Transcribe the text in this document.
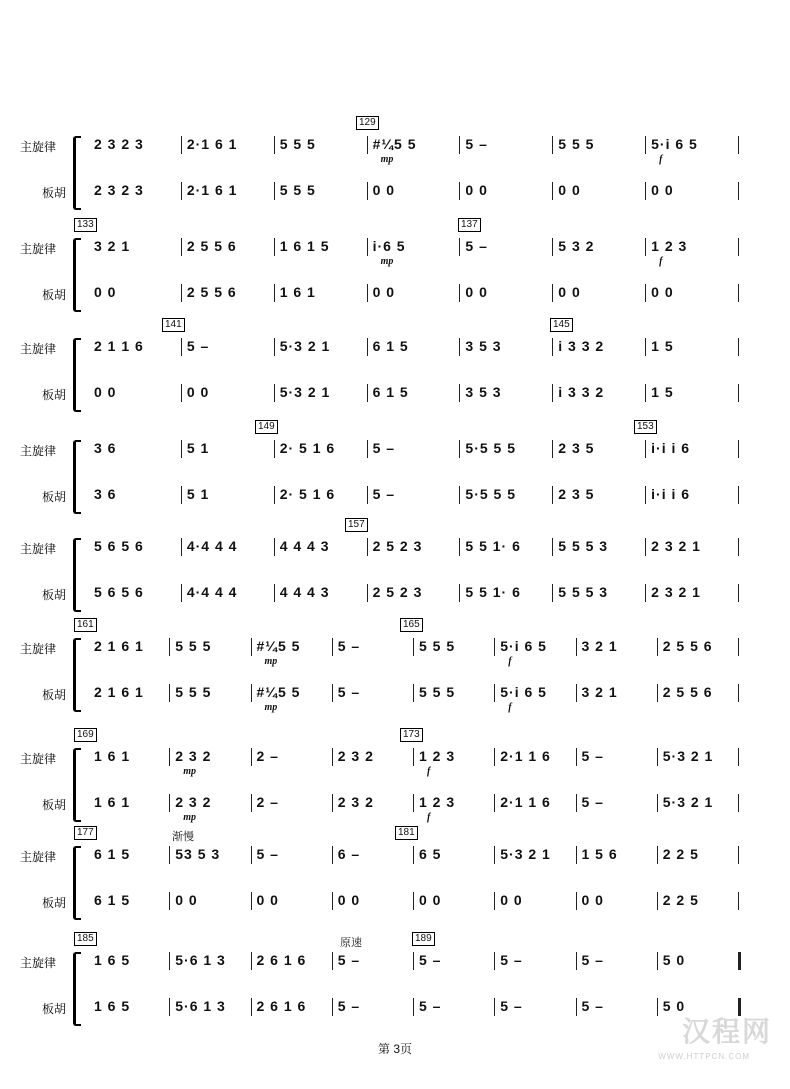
129
主旋律	2 3 2 3	2·1 6 1	5 5 5	#¼5 5	5 –	5 5 5	5·i 6 5
板胡 2 3 2 3	2·1 6 1	5 5 5	0 0	0 0	0 0	0 0
mp	f
133	137
主旋律	3 2 1	2 5 5 6	1 6 1 5	i·6 5	5 –	5 3 2	1 2 3
板胡 0 0	2 5 5 6	1 6 1	0 0	0 0	0 0	0 0
mp	f
141	145
主旋律	2 1 1 6	5 –	5·3 2 1	6 1 5	3 5 3	i 3 3 2	1 5
板胡 0 0	0 0	5·3 2 1	6 1 5	3 5 3	i 3 3 2	1 5
149	153
主旋律	3 6	5 1	2· 5 1 6	5 –	5·5 5 5	2 3 5	i·i i 6
板胡 3 6	5 1	2· 5 1 6	5 –	5·5 5 5	2 3 5	i·i i 6
157
主旋律	5 6 5 6	4·4 4 4	4 4 4 3	2 5 2 3	5 5 1· 6	5 5 5 3	2 3 2 1
板胡 5 6 5 6	4·4 4 4	4 4 4 3	2 5 2 3	5 5 1· 6	5 5 5 3	2 3 2 1
161	165
主旋律	2 1 6 1	5 5 5	#¼5 5	5 –	5 5 5	5·i 6 5	3 2 1	2 5 5 6
板胡 2 1 6 1	5 5 5	#¼5 5	5 –	5 5 5	5·i 6 5	3 2 1	2 5 5 6
mp
mp
f
f
169	173
主旋律	1 6 1	2 3 2	2 –	2 3 2	1 2 3	2·1 1 6	5 –	5·3 2 1
板胡 1 6 1	2 3 2	2 –	2 3 2	1 2 3	2·1 1 6	5 –	5·3 2 1
mp
mp
f
f
177	181
渐慢
主旋律	6 1 5	53 5 3	5 –	6 –	6 5	5·3 2 1	1 5 6	2 2 5
板胡 6 1 5	0 0	0 0	0 0	0 0	0 0	0 0	2 2 5
185	189
原速
主旋律	1 6 5	5·6 1 3	2 6 1 6	5 –	5 –	5 –	5 –	5 0
板胡 1 6 5	5·6 1 3	2 6 1 6	5 –	5 –	5 –	5 –	5 0
第 3页
汉程网
WWW.HTTPCN.COM
